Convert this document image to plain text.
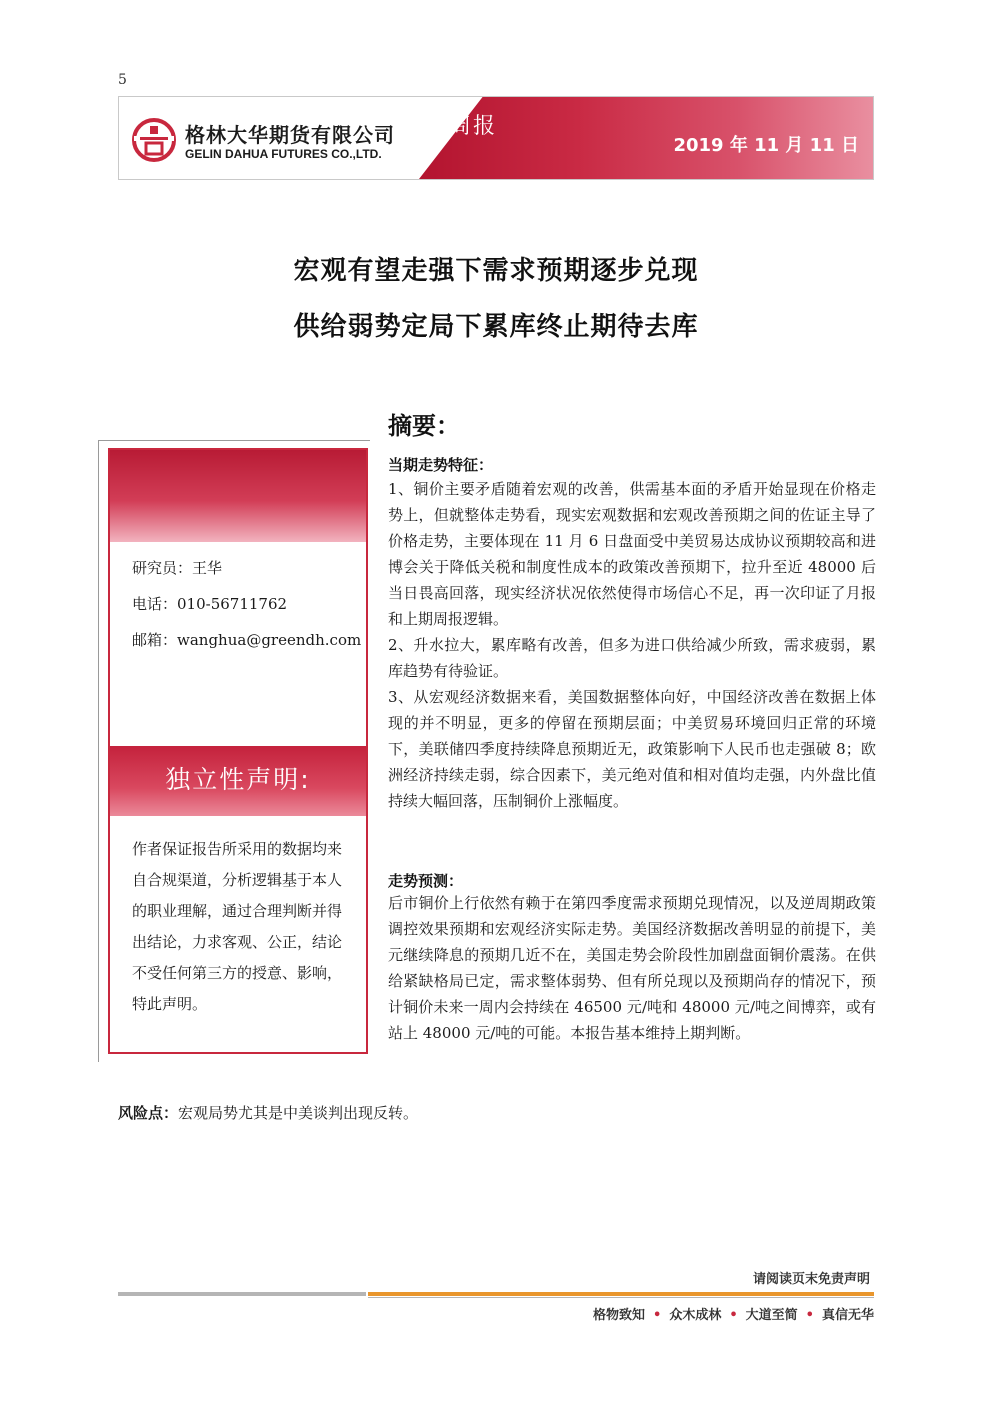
5
格林大华期货有限公司
GELIN DAHUA FUTURES CO.,LTD.
周报
2019 年 11 月 11 日
宏观有望走强下需求预期逐步兑现
供给弱势定局下累库终止期待去库
研究员：王华
电话：010-56711762
邮箱：wanghua@greendh.com
独立性声明:
作者保证报告所采用的数据均来自合规渠道，分析逻辑基于本人的职业理解，通过合理判断并得出结论，力求客观、公正，结论不受任何第三方的授意、影响，特此声明。
摘要：
当期走势特征：

1、铜价主要矛盾随着宏观的改善，供需基本面的矛盾开始显现在价格走势上，但就整体走势看，现实宏观数据和宏观改善预期之间的佐证主导了价格走势，主要体现在 11 月 6 日盘面受中美贸易达成协议预期较高和进博会关于降低关税和制度性成本的政策改善预期下，拉升至近 48000 后当日畏高回落，现实经济状况依然使得市场信心不足，再一次印证了月报和上期周报逻辑。

2、升水拉大，累库略有改善，但多为进口供给减少所致，需求疲弱，累库趋势有待验证。

3、从宏观经济数据来看，美国数据整体向好，中国经济改善在数据上体现的并不明显，更多的停留在预期层面；中美贸易环境回归正常的环境下，美联储四季度持续降息预期近无，政策影响下人民币也走强破 8；欧洲经济持续走弱，综合因素下，美元绝对值和相对值均走强，内外盘比值持续大幅回落，压制铜价上涨幅度。

走势预测：

后市铜价上行依然有赖于在第四季度需求预期兑现情况，以及逆周期政策调控效果预期和宏观经济实际走势。美国经济数据改善明显的前提下，美元继续降息的预期几近不在，美国走势会阶段性加剧盘面铜价震荡。在供给紧缺格局已定，需求整体弱势、但有所兑现以及预期尚存的情况下，预计铜价未来一周内会持续在 46500 元/吨和 48000 元/吨之间博弈，或有站上 48000 元/吨的可能。本报告基本维持上期判断。

风险点：宏观局势尤其是中美谈判出现反转。
请阅读页末免责声明
格物致知 • 众木成林 • 大道至简 • 真信无华
